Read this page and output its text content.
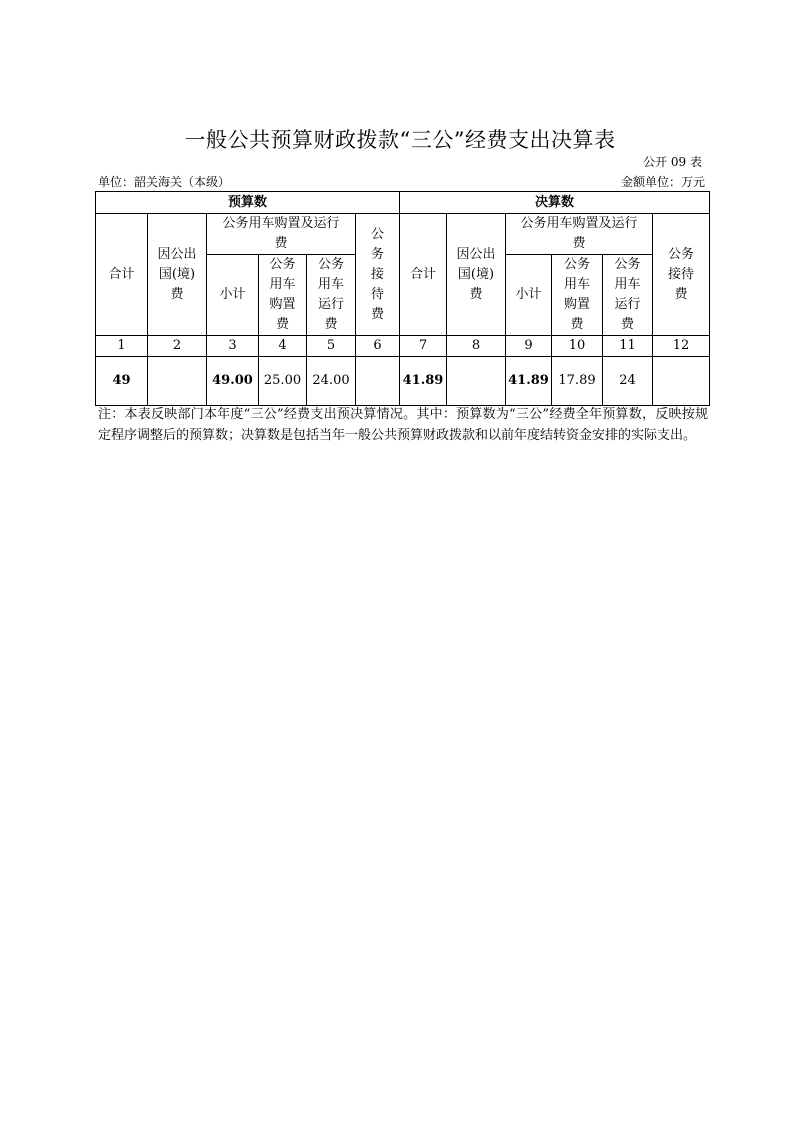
一般公共预算财政拨款“三公”经费支出决算表
公开 09 表
单位：韶关海关（本级）	金额单位：万元
预算数						决算数					
合计	因公出国(境)费	公务用车购置及运行费			公务接待费	合计	因公出国(境)费	公务用车购置及运行费			公务接待费
		小计	公务用车购置费	公务用车运行费				小计	公务用车购置费	公务用车运行费	
1	2	3	4	5	6	7	8	9	10	11	12
49		49.00	25.00	24.00		41.89		41.89	17.89	24	
注：本表反映部门本年度“三公”经费支出预决算情况。其中：预算数为“三公”经费全年预算数，反映按规定程序调整后的预算数；决算数是包括当年一般公共预算财政拨款和以前年度结转资金安排的实际支出。
